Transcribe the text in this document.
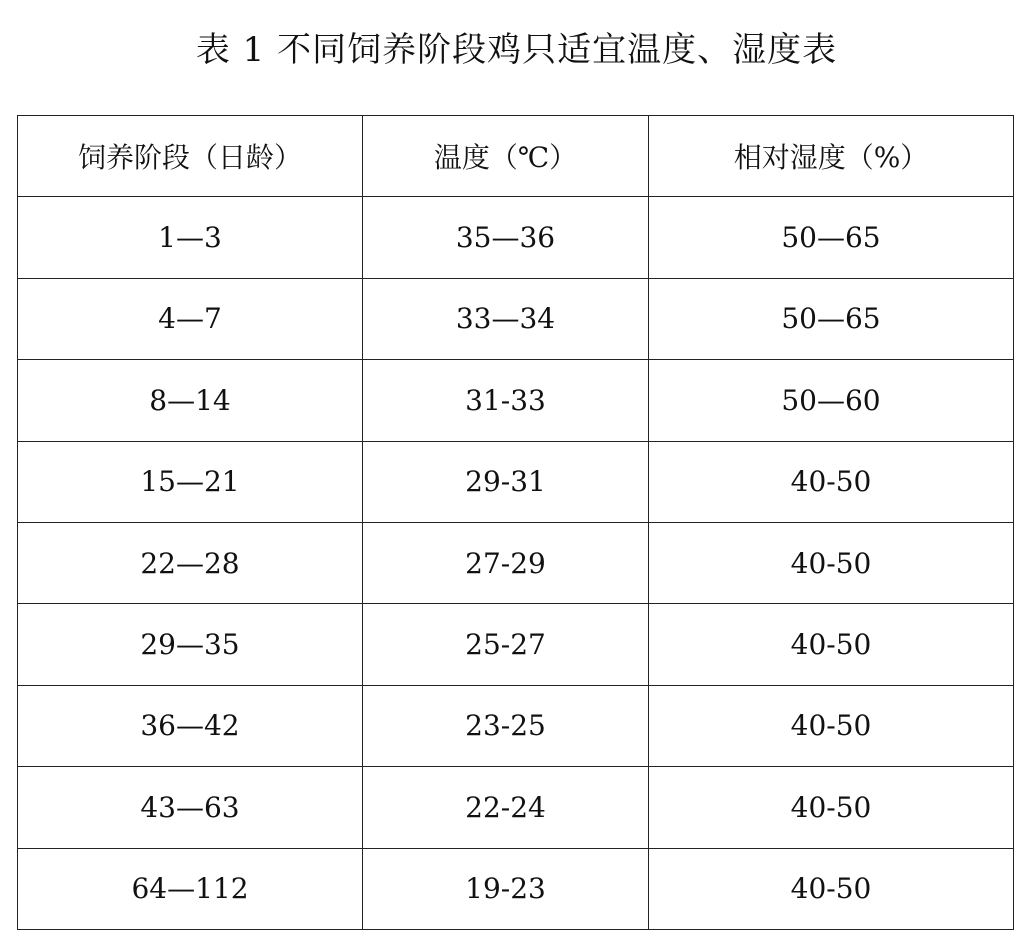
表 1 不同饲养阶段鸡只适宜温度、湿度表
饲养阶段（日龄）	温度（℃）	相对湿度（%）
1—3	35—36	50—65
4—7	33—34	50—65
8—14	31-33	50—60
15—21	29-31	40-50
22—28	27-29	40-50
29—35	25-27	40-50
36—42	23-25	40-50
43—63	22-24	40-50
64—112	19-23	40-50
